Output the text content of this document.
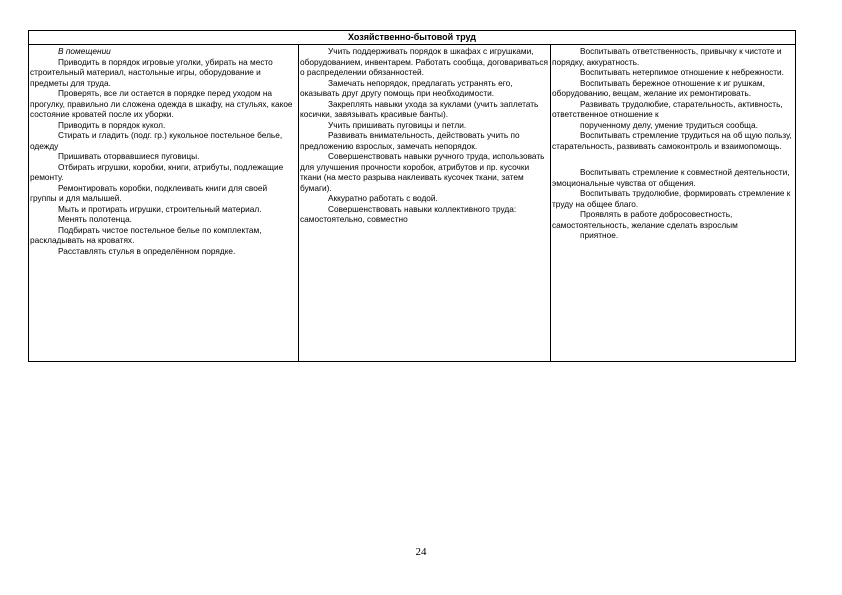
Хозяйственно-бытовой труд

В помещении

Приводить в порядок игровые уголки, убирать на место строительный материал, настольные игры, оборудование и предметы для труда.

Проверять, все ли остается в порядке перед уходом на прогулку, правильно ли сложена одежда в шкафу, на стульях, какое состояние кроватей после их уборки.

Приводить в порядок кукол.

Стирать и гладить (подг. гр.) кукольное постельное белье, одежду

Пришивать оторвавшиеся пуговицы.

Отбирать игрушки, коробки, книги, атрибуты, подлежащие ремонту.

Ремонтировать коробки, подклеивать книги для своей группы и для малышей.

Мыть и протирать игрушки, строительный материал.

Менять полотенца.

Подбирать чистое постельное белье по комплектам, раскладывать на кроватях.

Расставлять стулья в определённом порядке.

Учить поддерживать порядок в шкафах с игрушками, оборудованием, инвентарем. Работать сообща, договариваться о распределении обязанностей.

Замечать непорядок, предлагать устранять его, оказывать друг другу помощь при необходимости.

Закреплять навыки ухода за куклами (учить заплетать косички, завязывать красивые банты).

Учить пришивать пуговицы и петли.

Развивать внимательность, действовать учить по предложению взрослых, замечать непорядок.

Совершенствовать навыки ручного труда, использовать для улучшения прочности коробок, атрибутов и пр. кусочки ткани (на место разрыва наклеивать кусочек ткани, затем бумаги).

Аккуратно работать с водой.

Совершенствовать навыки коллективного труда: самостоятельно, совместно

Воспитывать ответственность, привычку к чистоте и порядку, аккуратность.

Воспитывать нетерпимое отношение к небрежности.

Воспитывать бережное отношение к иг рушкам, оборудованию, вещам, желание их ремонтировать.

Развивать трудолюбие, старательность, активность, ответственное отношение к

порученному делу, умение трудиться сообща.

Воспитывать стремление трудиться на об щую пользу, старательность, развивать самоконтроль и взаимопомощь.

Воспитывать стремление к совместной деятельности, эмоциональные чувства от общения.

Воспитывать трудолюбие, формировать стремление к труду на общее благо.

Проявлять в работе добросовестность, самостоятельность, желание сделать взрослым

приятное.

24
